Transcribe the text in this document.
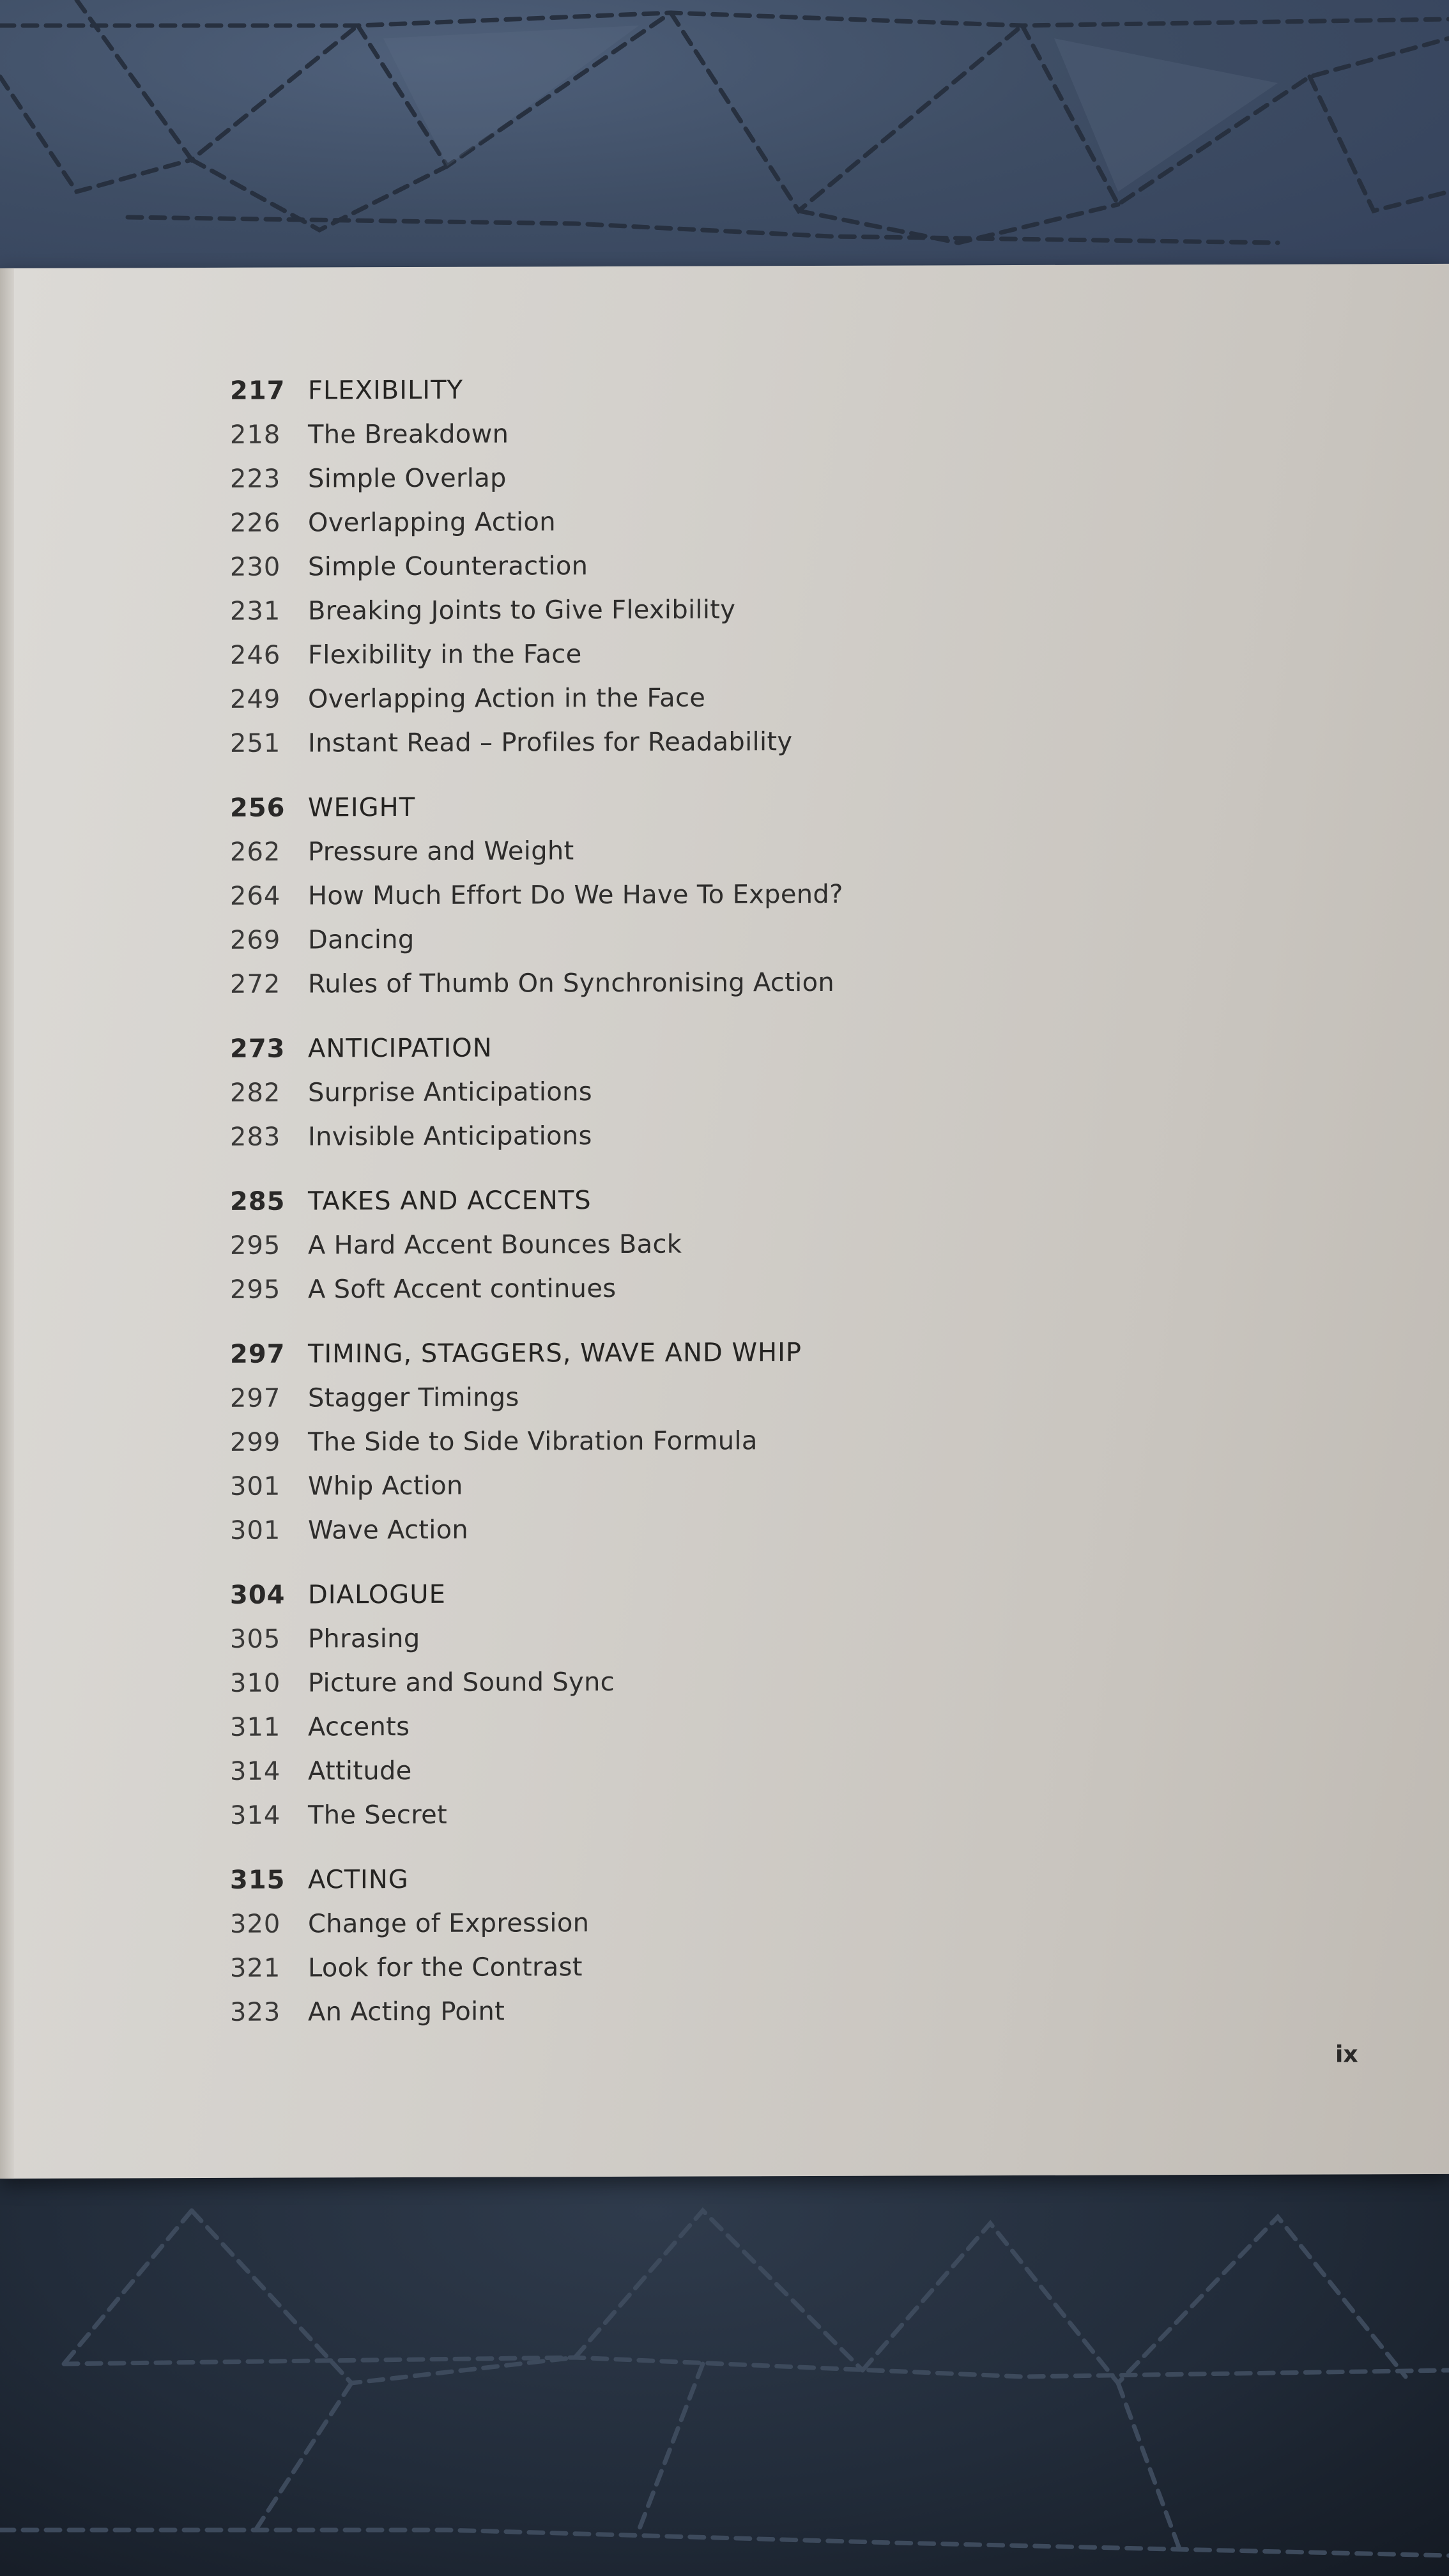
217 FLEXIBILITY
218	The Breakdown
223	Simple Overlap
226	Overlapping Action
230	Simple Counteraction
231	Breaking Joints to Give Flexibility
246	Flexibility in the Face
249	Overlapping Action in the Face
251	Instant Read – Profiles for Readability
256 WEIGHT
262	Pressure and Weight
264	How Much Effort Do We Have To Expend?
269	Dancing
272	Rules of Thumb On Synchronising Action
273 ANTICIPATION
282	Surprise Anticipations
283	Invisible Anticipations
285 TAKES AND ACCENTS
295	A Hard Accent Bounces Back
295	A Soft Accent continues
297 TIMING, STAGGERS, WAVE AND WHIP
297	Stagger Timings
299	The Side to Side Vibration Formula
301	Whip Action
301	Wave Action
304 DIALOGUE
305	Phrasing
310	Picture and Sound Sync
311	Accents
314	Attitude
314	The Secret
315 ACTING
320	Change of Expression
321	Look for the Contrast
323	An Acting Point
ix
